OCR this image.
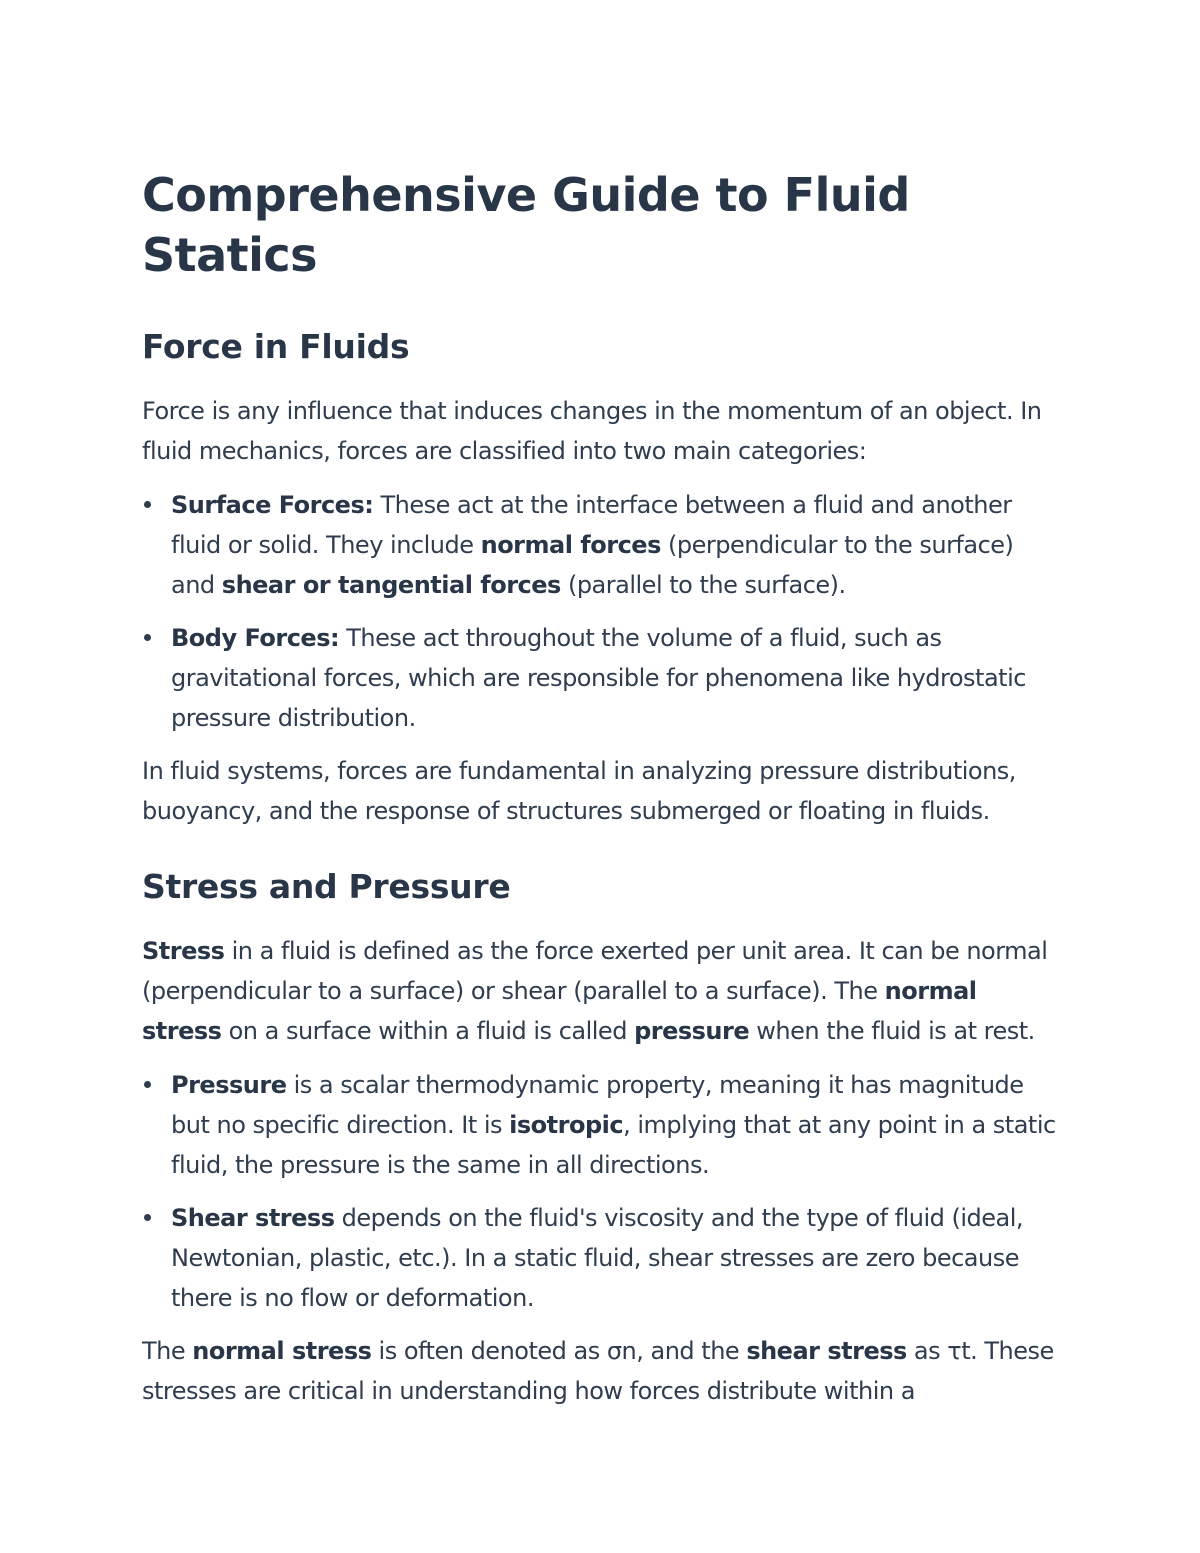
Comprehensive Guide to Fluid Statics
Force in Fluids

Force is any influence that induces changes in the momentum of an object. In fluid mechanics, forces are classified into two main categories:

Surface Forces: These act at the interface between a fluid and another fluid or solid. They include normal forces (perpendicular to the surface) and shear or tangential forces (parallel to the surface).
Body Forces: These act throughout the volume of a fluid, such as gravitational forces, which are responsible for phenomena like hydrostatic pressure distribution.

In fluid systems, forces are fundamental in analyzing pressure distributions, buoyancy, and the response of structures submerged or floating in fluids.

Stress and Pressure

Stress in a fluid is defined as the force exerted per unit area. It can be normal (perpendicular to a surface) or shear (parallel to a surface). The normal stress on a surface within a fluid is called pressure when the fluid is at rest.

Pressure is a scalar thermodynamic property, meaning it has magnitude but no specific direction. It is isotropic, implying that at any point in a static fluid, the pressure is the same in all directions.
Shear stress depends on the fluid's viscosity and the type of fluid (ideal, Newtonian, plastic, etc.). In a static fluid, shear stresses are zero because there is no flow or deformation.

The normal stress is often denoted as σn, and the shear stress as τt. These stresses are critical in understanding how forces distribute within a
